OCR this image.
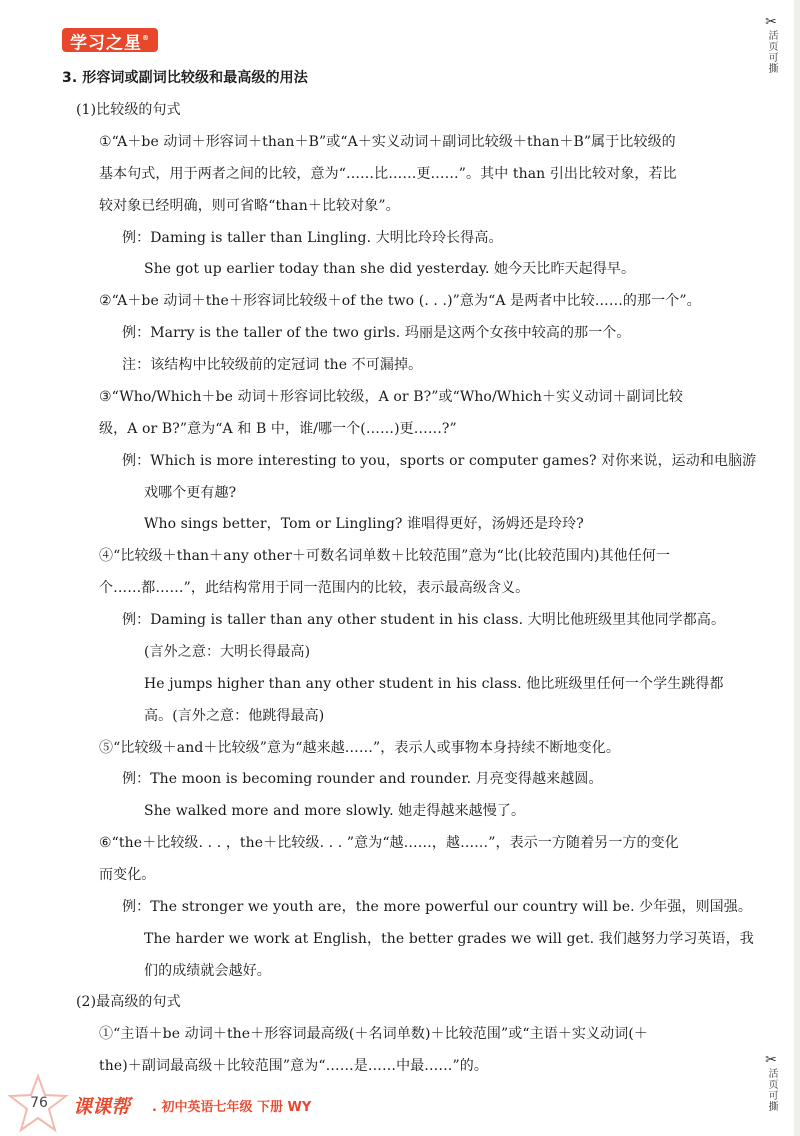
学习之星®
✂
活页可撕
✂
活页可撕
3. 形容词或副词比较级和最高级的用法
(1)比较级的句式
①“A＋be 动词＋形容词＋than＋B”或“A＋实义动词＋副词比较级＋than＋B”属于比较级的
基本句式，用于两者之间的比较，意为“……比……更……”。其中 than 引出比较对象，若比
较对象已经明确，则可省略“than＋比较对象”。
例：Daming is taller than Lingling. 大明比玲玲长得高。
She got up earlier today than she did yesterday. 她今天比昨天起得早。
②“A＋be 动词＋the＋形容词比较级＋of the two (. . .)”意为“A 是两者中比较……的那一个”。
例：Marry is the taller of the two girls. 玛丽是这两个女孩中较高的那一个。
注：该结构中比较级前的定冠词 the 不可漏掉。
③“Who/Which＋be 动词＋形容词比较级，A or B?”或“Who/Which＋实义动词＋副词比较
级，A or B?”意为“A 和 B 中，谁/哪一个(……)更……?”
例：Which is more interesting to you，sports or computer games? 对你来说，运动和电脑游
戏哪个更有趣?
Who sings better，Tom or Lingling? 谁唱得更好，汤姆还是玲玲?
④“比较级＋than＋any other＋可数名词单数＋比较范围”意为“比(比较范围内)其他任何一
个……都……”，此结构常用于同一范围内的比较，表示最高级含义。
例：Daming is taller than any other student in his class. 大明比他班级里其他同学都高。
(言外之意：大明长得最高)
He jumps higher than any other student in his class. 他比班级里任何一个学生跳得都
高。(言外之意：他跳得最高)
⑤“比较级＋and＋比较级”意为“越来越……”，表示人或事物本身持续不断地变化。
例：The moon is becoming rounder and rounder. 月亮变得越来越圆。
She walked more and more slowly. 她走得越来越慢了。
⑥“the＋比较级. . . ，the＋比较级. . . ”意为“越……，越……”，表示一方随着另一方的变化
而变化。
例：The stronger we youth are，the more powerful our country will be. 少年强，则国强。
The harder we work at English，the better grades we will get. 我们越努力学习英语，我
们的成绩就会越好。
(2)最高级的句式
①“主语＋be 动词＋the＋形容词最高级(＋名词单数)＋比较范围”或“主语＋实义动词(＋
the)＋副词最高级＋比较范围”意为“……是……中最……”的。
76	课课帮 . 初中英语七年级 下册 WY
